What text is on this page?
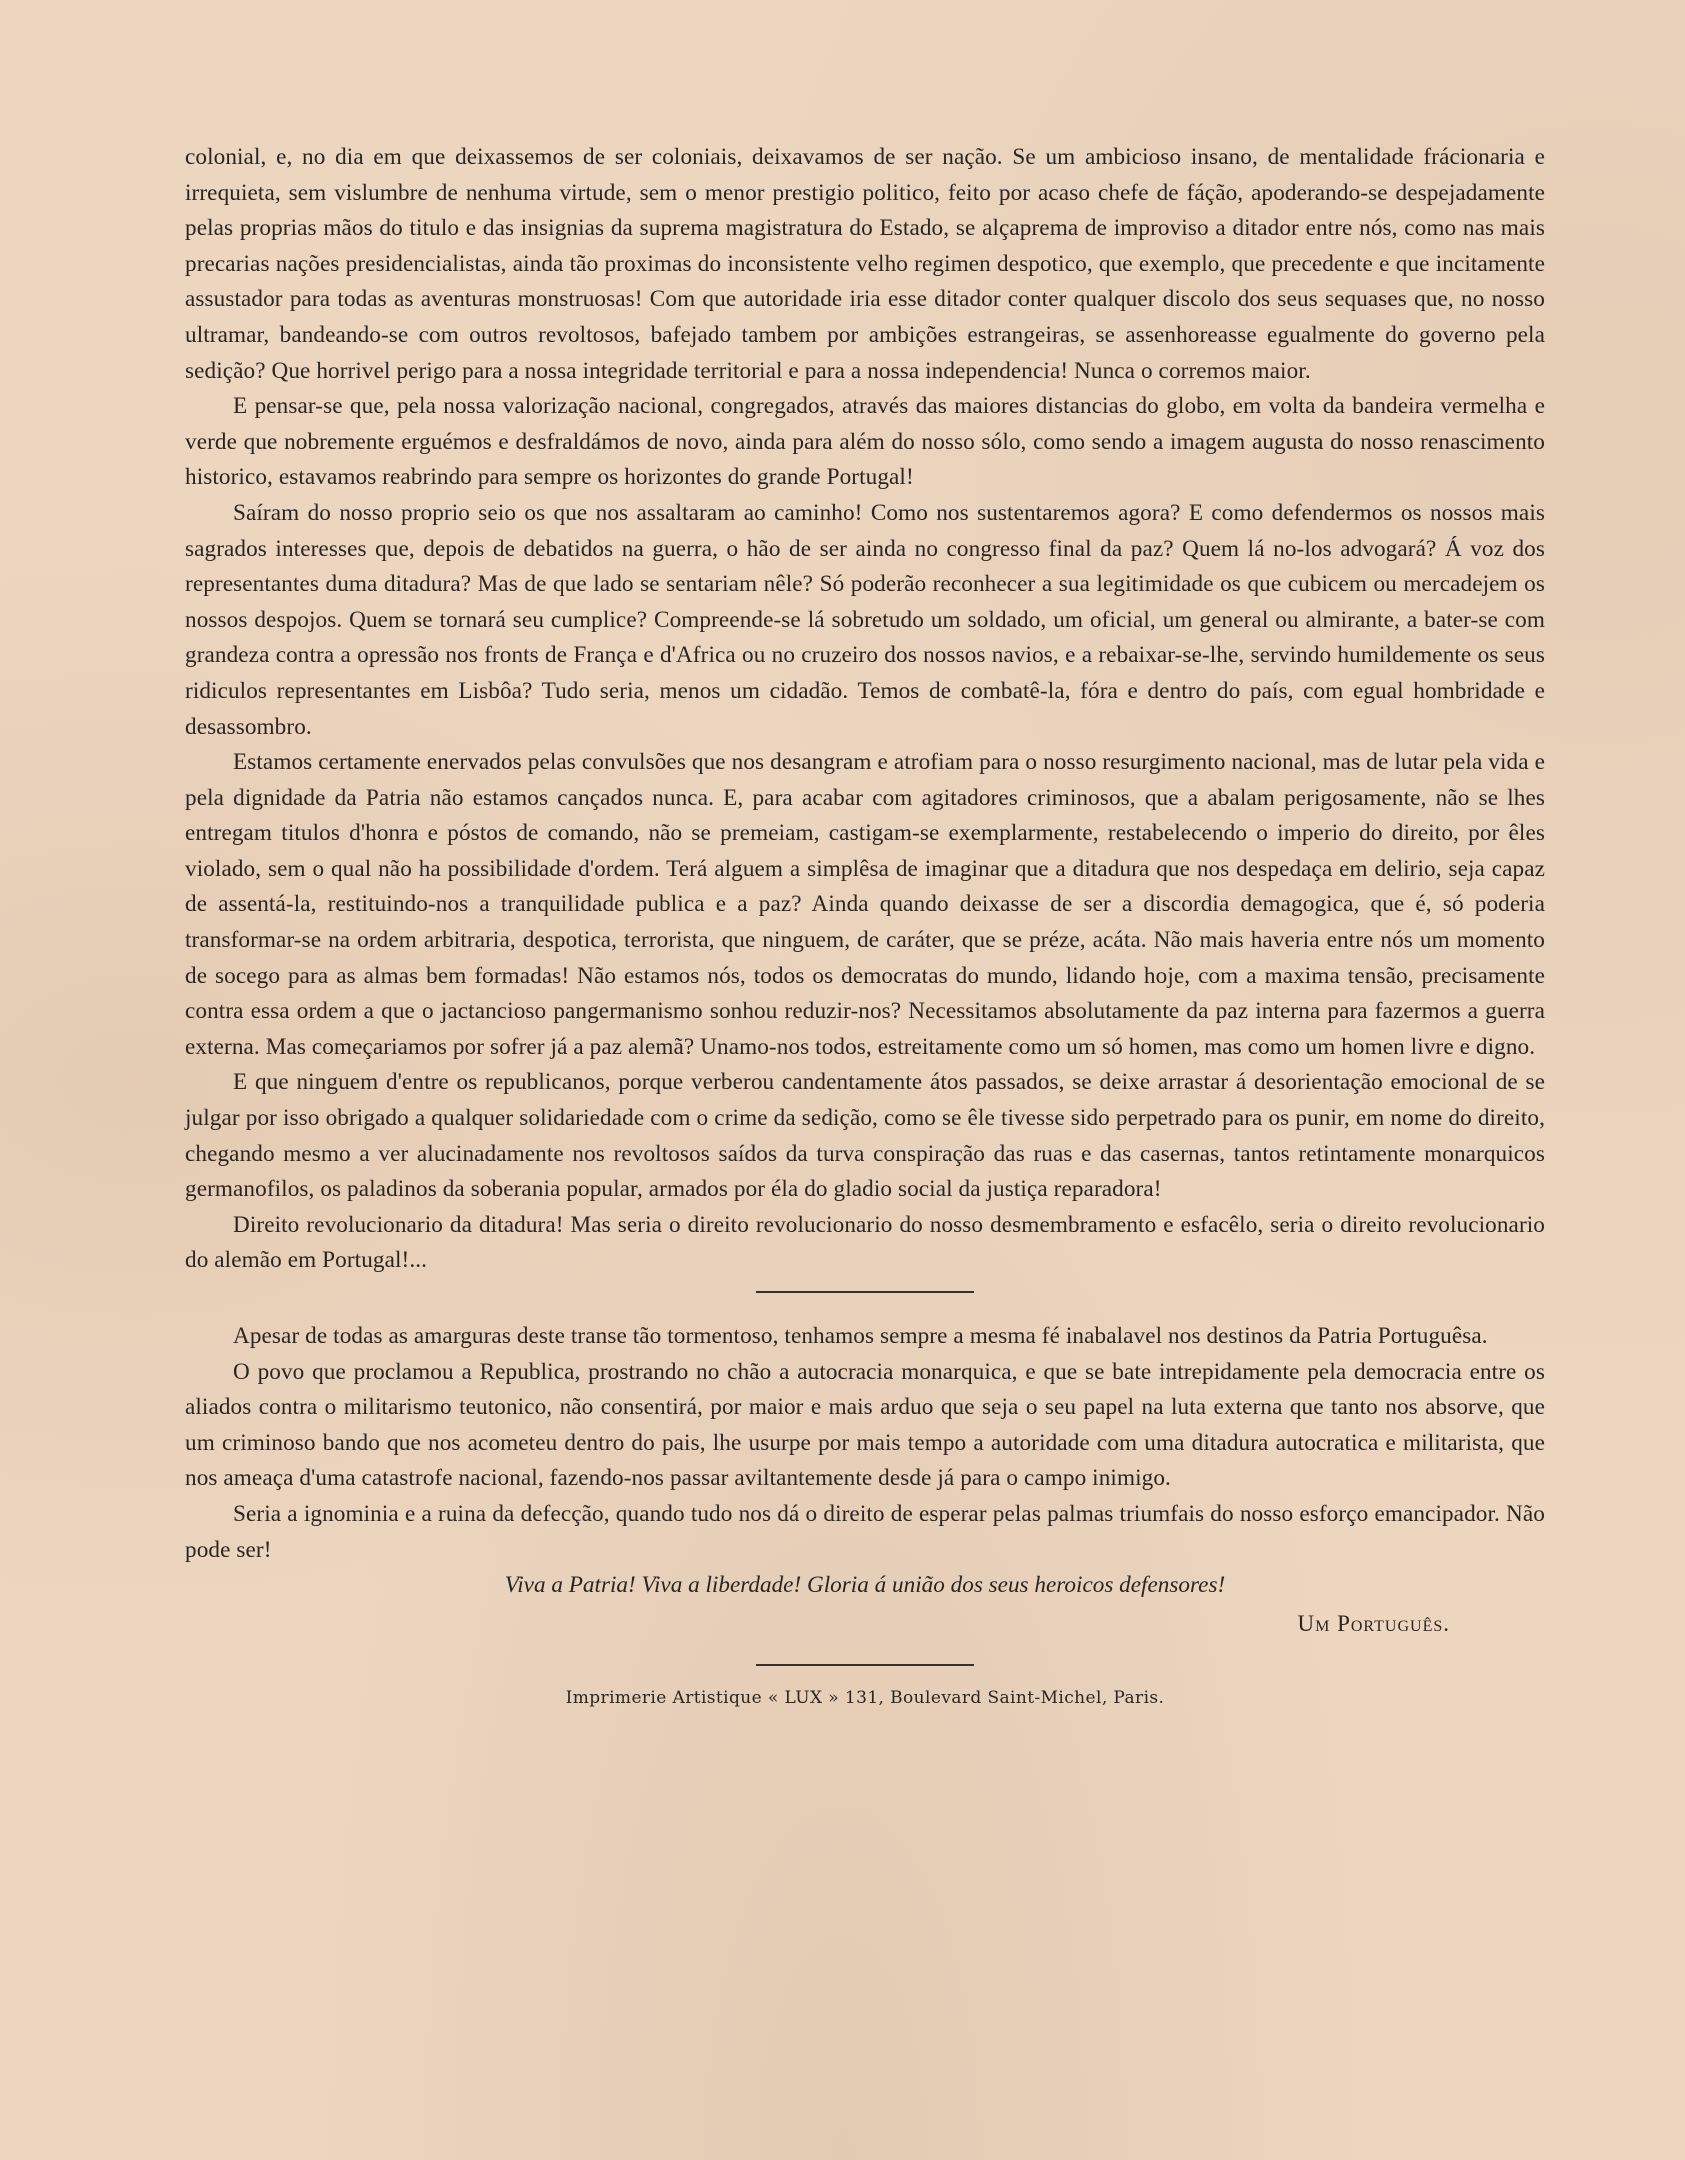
colonial, e, no dia em que deixassemos de ser coloniais, deixavamos de ser nação. Se um ambicioso insano, de mentalidade frácionaria e irrequieta, sem vislumbre de nenhuma virtude, sem o menor prestigio politico, feito por acaso chefe de fáção, apoderando-se despejadamente pelas proprias mãos do titulo e das insignias da suprema magistratura do Estado, se alçaprema de improviso a ditador entre nós, como nas mais precarias nações presidencialistas, ainda tão proximas do inconsistente velho regimen despotico, que exemplo, que precedente e que incitamente assustador para todas as aventuras monstruosas! Com que autoridade iria esse ditador conter qualquer discolo dos seus sequases que, no nosso ultramar, bandeando-se com outros revoltosos, bafejado tambem por ambições estrangeiras, se assenhoreasse egualmente do governo pela sedição? Que horrivel perigo para a nossa integridade territorial e para a nossa independencia! Nunca o corremos maior.

E pensar-se que, pela nossa valorização nacional, congregados, através das maiores distancias do globo, em volta da bandeira vermelha e verde que nobremente erguémos e desfraldámos de novo, ainda para além do nosso sólo, como sendo a imagem augusta do nosso renascimento historico, estavamos reabrindo para sempre os horizontes do grande Portugal!

Saíram do nosso proprio seio os que nos assaltaram ao caminho! Como nos sustentaremos agora? E como defendermos os nossos mais sagrados interesses que, depois de debatidos na guerra, o hão de ser ainda no congresso final da paz? Quem lá no-los advogará? Á voz dos representantes duma ditadura? Mas de que lado se sentariam nêle? Só poderão reconhecer a sua legitimidade os que cubicem ou mercadejem os nossos despojos. Quem se tornará seu cumplice? Compreende-se lá sobretudo um soldado, um oficial, um general ou almirante, a bater-se com grandeza contra a opressão nos fronts de França e d'Africa ou no cruzeiro dos nossos navios, e a rebaixar-se-lhe, servindo humildemente os seus ridiculos representantes em Lisbôa? Tudo seria, menos um cidadão. Temos de combatê-la, fóra e dentro do país, com egual hombridade e desassombro.

Estamos certamente enervados pelas convulsões que nos desangram e atrofiam para o nosso resurgimento nacional, mas de lutar pela vida e pela dignidade da Patria não estamos cançados nunca. E, para acabar com agitadores criminosos, que a abalam perigosamente, não se lhes entregam titulos d'honra e póstos de comando, não se premeiam, castigam-se exemplarmente, restabelecendo o imperio do direito, por êles violado, sem o qual não ha possibilidade d'ordem. Terá alguem a simplêsa de imaginar que a ditadura que nos despedaça em delirio, seja capaz de assentá-la, restituindo-nos a tranquilidade publica e a paz? Ainda quando deixasse de ser a discordia demagogica, que é, só poderia transformar-se na ordem arbitraria, despotica, terrorista, que ninguem, de caráter, que se préze, acáta. Não mais haveria entre nós um momento de socego para as almas bem formadas! Não estamos nós, todos os democratas do mundo, lidando hoje, com a maxima tensão, precisamente contra essa ordem a que o jactancioso pangermanismo sonhou reduzir-nos? Necessitamos absolutamente da paz interna para fazermos a guerra externa. Mas começariamos por sofrer já a paz alemã? Unamo-nos todos, estreitamente como um só homen, mas como um homen livre e digno.

E que ninguem d'entre os republicanos, porque verberou candentamente átos passados, se deixe arrastar á desorientação emocional de se julgar por isso obrigado a qualquer solidariedade com o crime da sedição, como se êle tivesse sido perpetrado para os punir, em nome do direito, chegando mesmo a ver alucinadamente nos revoltosos saídos da turva conspiração das ruas e das casernas, tantos retintamente monarquicos germanofilos, os paladinos da soberania popular, armados por éla do gladio social da justiça reparadora!

Direito revolucionario da ditadura! Mas seria o direito revolucionario do nosso desmembramento e esfacêlo, seria o direito revolucionario do alemão em Portugal!...

Apesar de todas as amarguras deste transe tão tormentoso, tenhamos sempre a mesma fé inabalavel nos destinos da Patria Portuguêsa.

O povo que proclamou a Republica, prostrando no chão a autocracia monarquica, e que se bate intrepidamente pela democracia entre os aliados contra o militarismo teutonico, não consentirá, por maior e mais arduo que seja o seu papel na luta externa que tanto nos absorve, que um criminoso bando que nos acometeu dentro do pais, lhe usurpe por mais tempo a autoridade com uma ditadura autocratica e militarista, que nos ameaça d'uma catastrofe nacional, fazendo-nos passar aviltantemente desde já para o campo inimigo.

Seria a ignominia e a ruina da defecção, quando tudo nos dá o direito de esperar pelas palmas triumfais do nosso esforço emancipador. Não pode ser!

Viva a Patria! Viva a liberdade! Gloria á união dos seus heroicos defensores!

Um Português.

Imprimerie Artistique « LUX » 131, Boulevard Saint-Michel, Paris.
